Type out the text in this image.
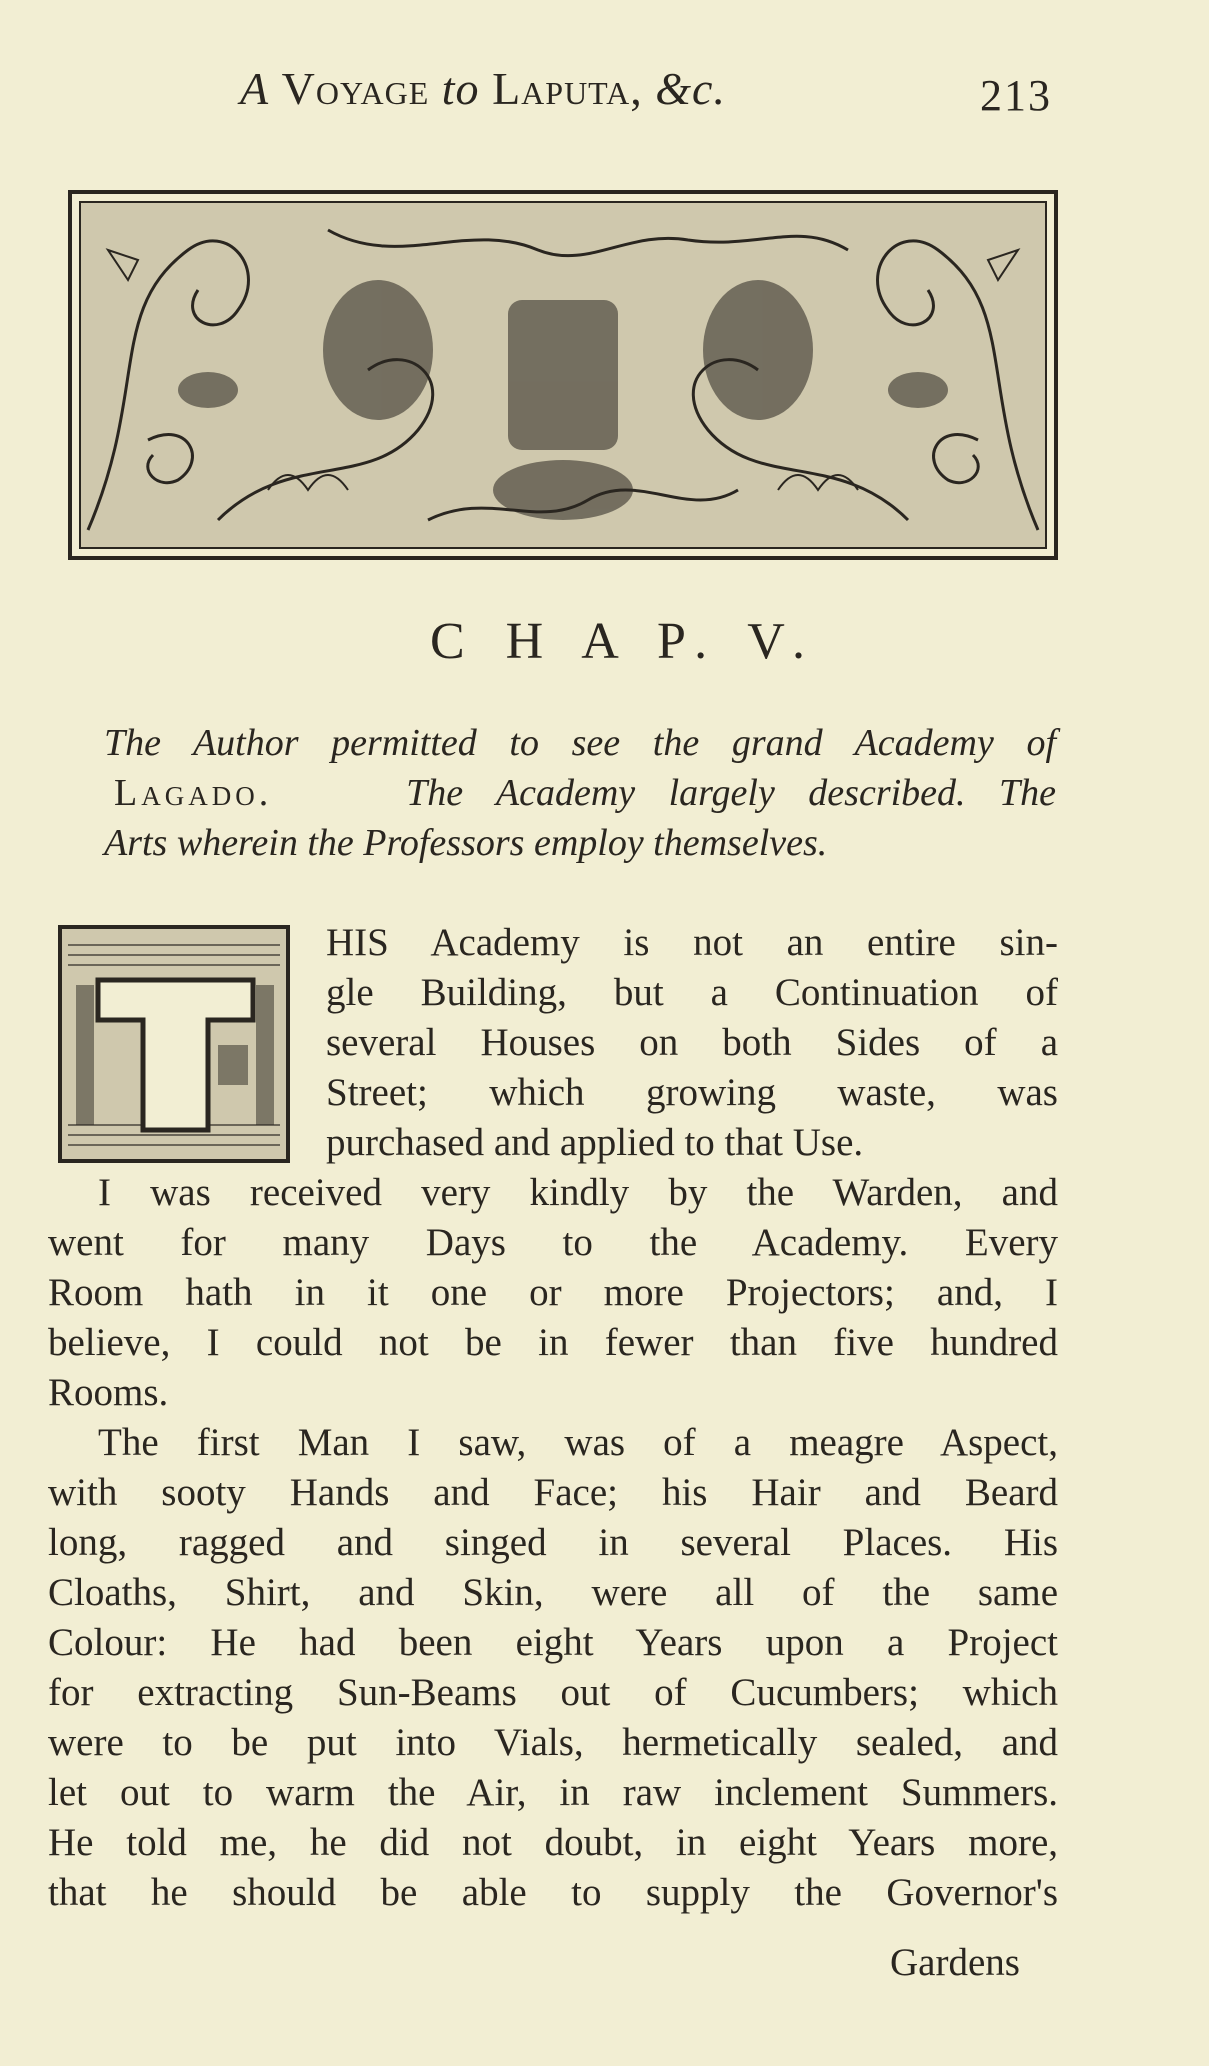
A Voyage to Laputa, &c.	213
C H A P. V.
The Author permitted to see the grand Academy of
Lagado.	The Academy largely described. The
Arts wherein the Professors employ themselves.
HIS Academy is not an entire sin-
gle Building, but a Continuation of
several Houses on both Sides of a
Street; which growing waste, was
purchased and applied to that Use.
I was received very kindly by the Warden, and
went for many Days to the Academy. Every
Room hath in it one or more Projectors; and, I
believe, I could not be in fewer than five hundred
Rooms.
The first Man I saw, was of a meagre Aspect,
with sooty Hands and Face; his Hair and Beard
long, ragged and singed in several Places. His
Cloaths, Shirt, and Skin, were all of the same
Colour: He had been eight Years upon a Project
for extracting Sun-Beams out of Cucumbers; which
were to be put into Vials, hermetically sealed, and
let out to warm the Air, in raw inclement Summers.
He told me, he did not doubt, in eight Years more,
that he should be able to supply the Governor's
Gardens
